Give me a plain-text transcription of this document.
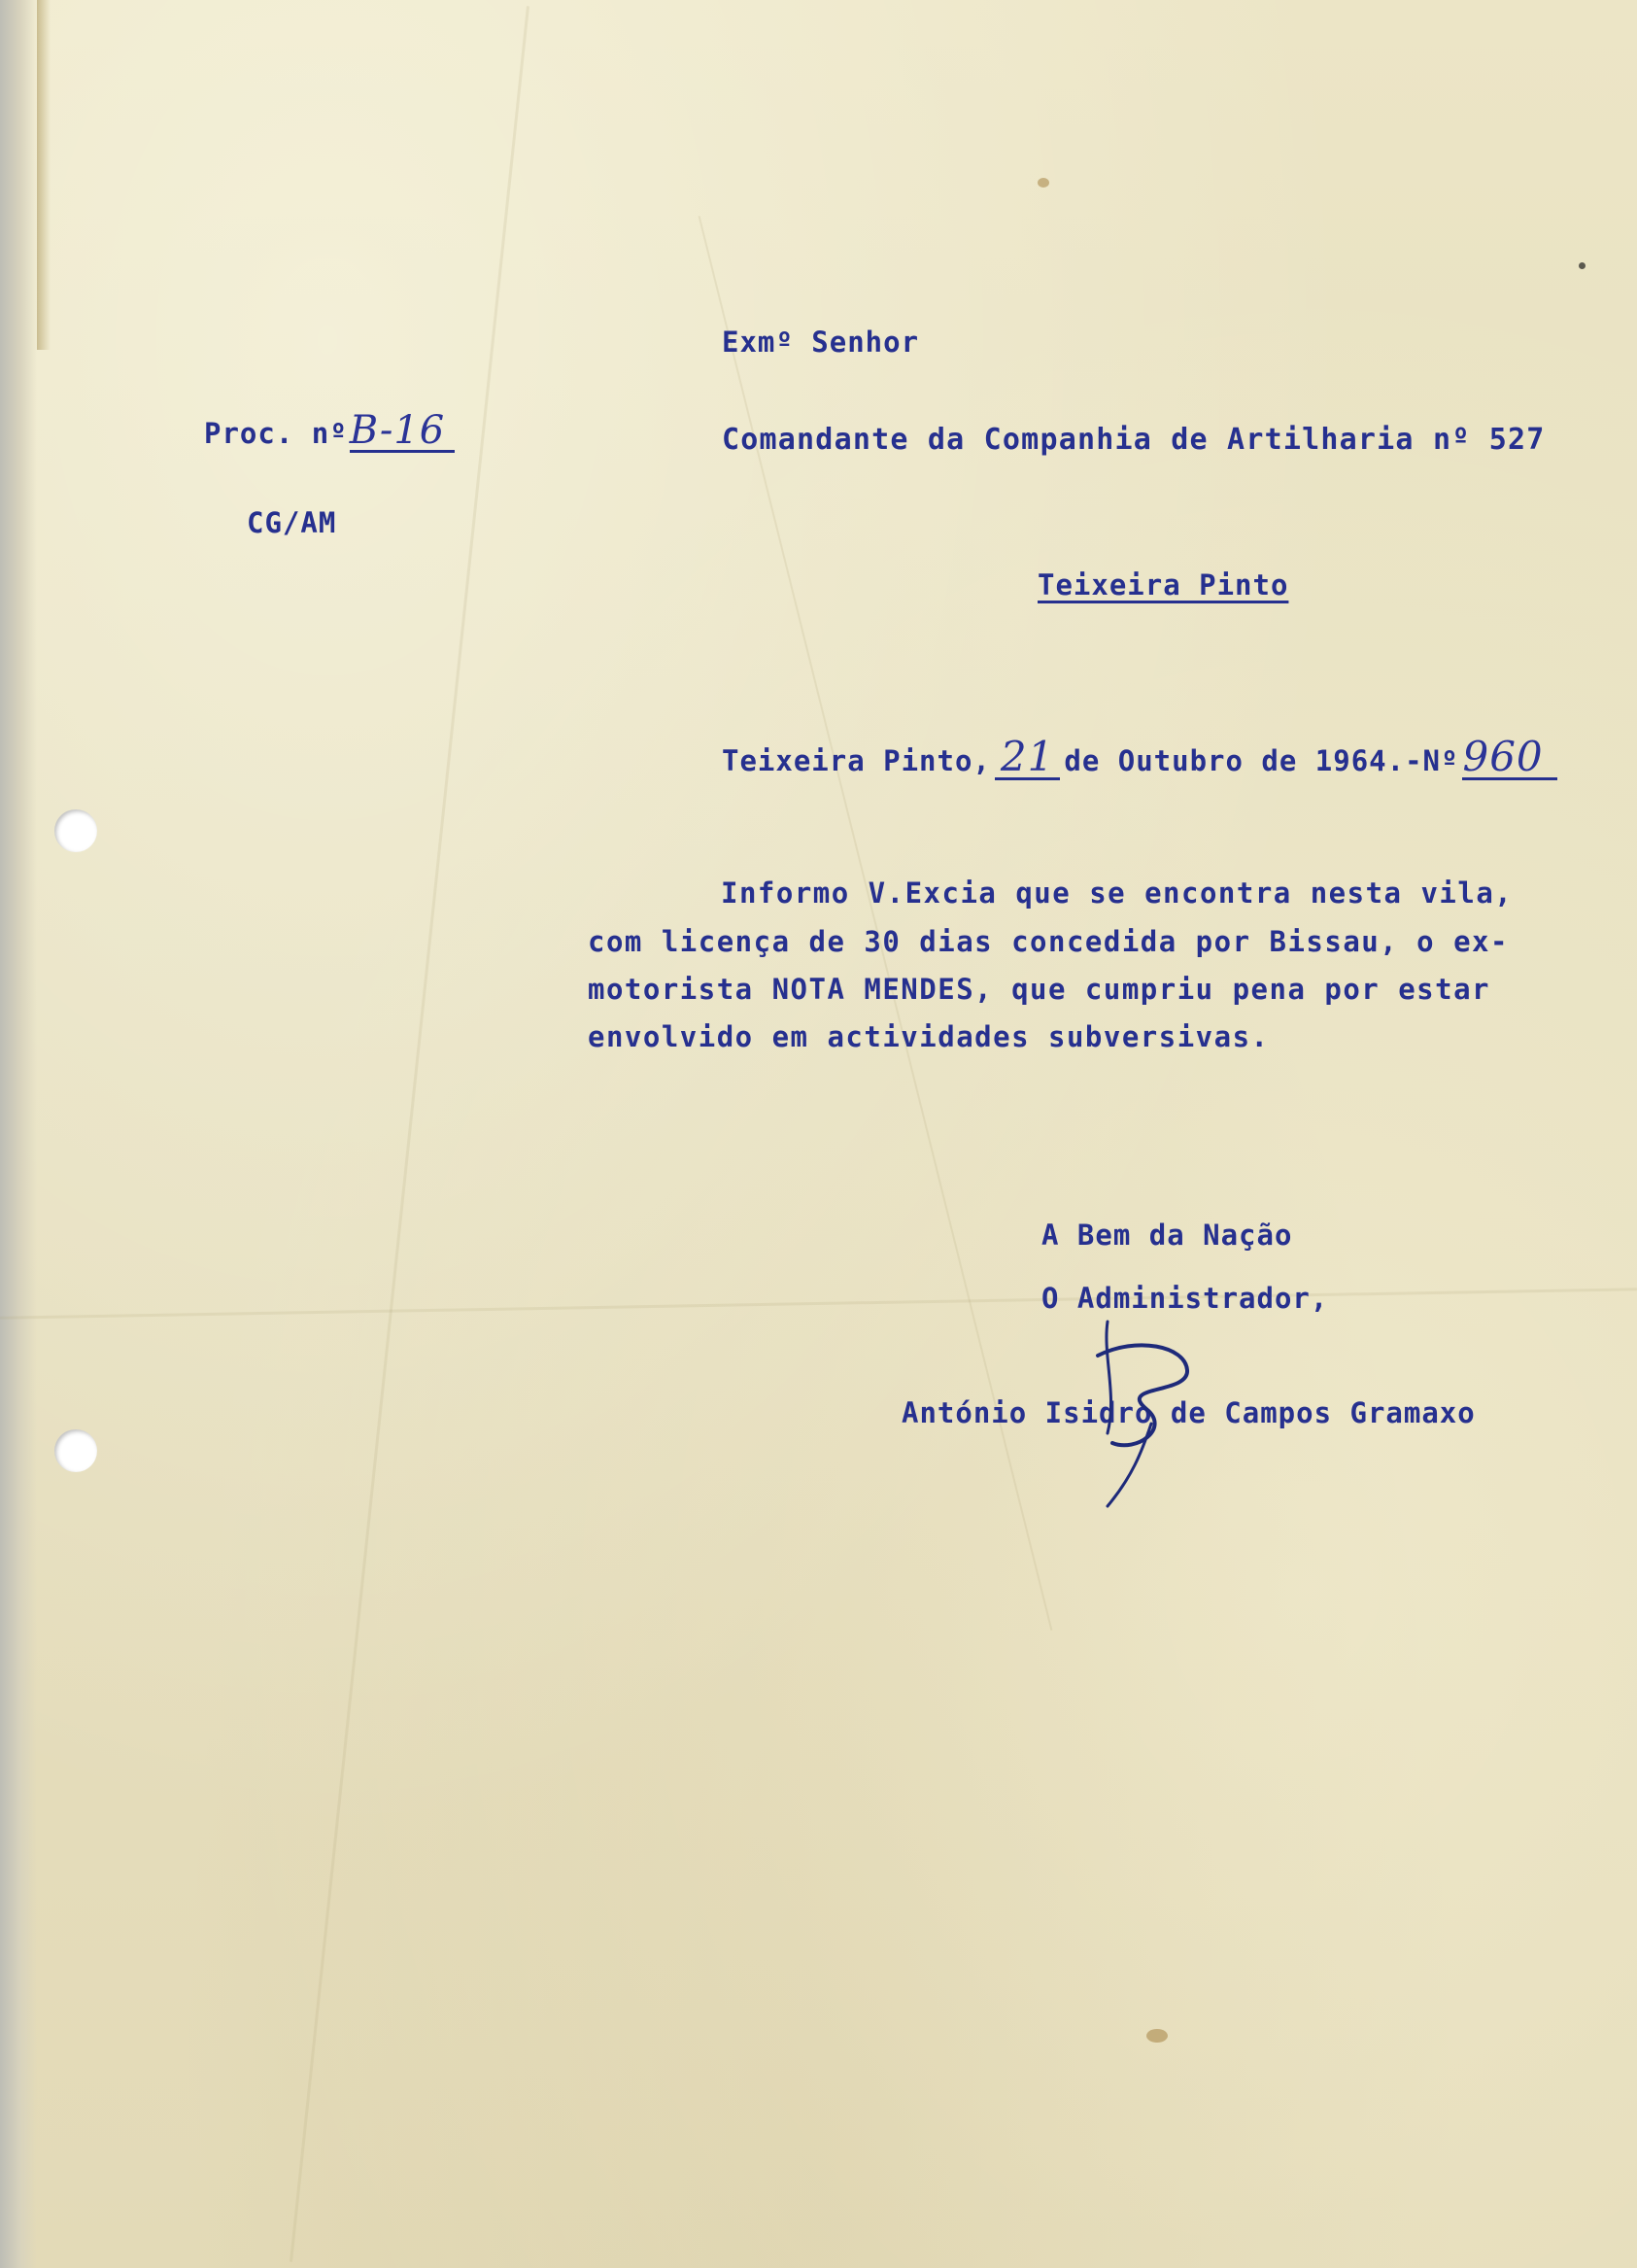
Proc. nºB-16
CG/AM
Exmº Senhor
Comandante da Companhia de Artilharia nº 527
Teixeira Pinto
Teixeira Pinto, 21 de Outubro de 1964.-Nº960
Informo V.Excia que se encontra nesta vila,
com licença de 30 dias concedida por Bissau, o ex-
motorista NOTA MENDES, que cumpriu pena por estar
envolvido em actividades subversivas.
A Bem da Nação
O Administrador,
António Isidro de Campos Gramaxo
